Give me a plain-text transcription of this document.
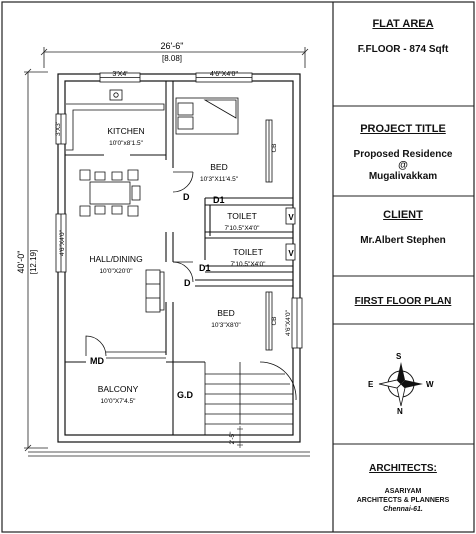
26'-6"
[8.08]
40'-0" [12.19]
3'X4'	4'6"X4'0"
3'X3'	KITCHEN
10'0"x8'1.5"	CB
BED
10'3"X11'4.5"
D	D1
TOILET
7'10.5"X4'0"
TOILET
7'10.5"X4'0"
D1
V
V
4'6"X4'0"
HALL/DINING
10'0"X20'0"
D
BED
10'3"X8'0"	CB 4'6"X4'0"
MD
BALCONY
10'0"X7'4.5"
G.D
2'-5"
S
N
E	W
FLAT AREA
F.FLOOR - 874 Sqft
PROJECT TITLE
Proposed Residence
@
Mugalivakkam
CLIENT
Mr.Albert Stephen
FIRST FLOOR PLAN
ARCHITECTS:
ASARIYAM
ARCHITECTS & PLANNERS
Chennai-61.
